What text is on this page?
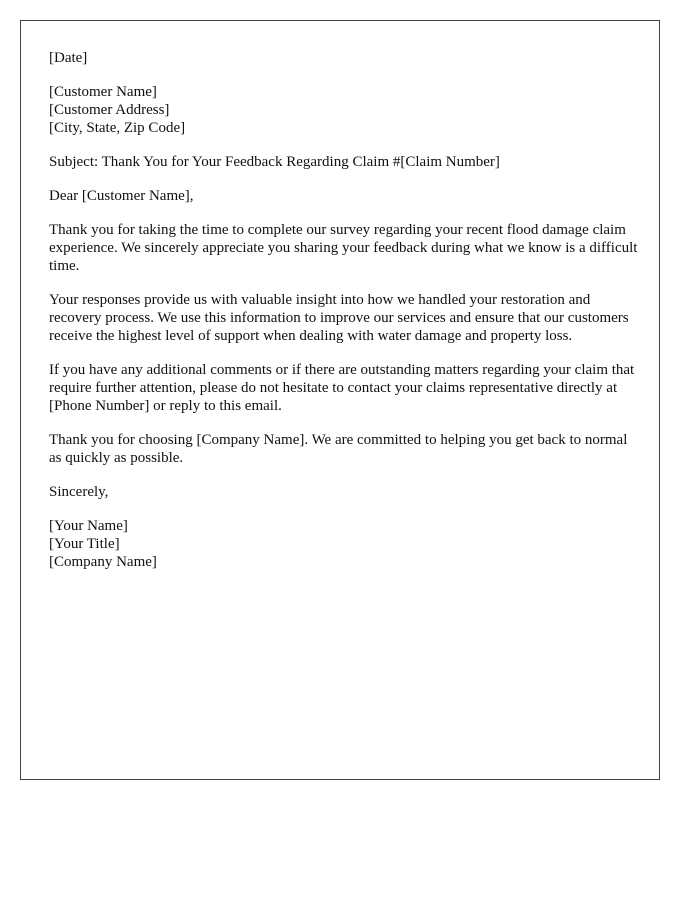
[Date]
[Customer Name]
[Customer Address]
[City, State, Zip Code]

Subject: Thank You for Your Feedback Regarding Claim #[Claim Number]

Dear [Customer Name],

Thank you for taking the time to complete our survey regarding your recent flood damage claim experience. We sincerely appreciate you sharing your feedback during what we know is a difficult time.

Your responses provide us with valuable insight into how we handled your restoration and recovery process. We use this information to improve our services and ensure that our customers receive the highest level of support when dealing with water damage and property loss.

If you have any additional comments or if there are outstanding matters regarding your claim that require further attention, please do not hesitate to contact your claims representative directly at [Phone Number] or reply to this email.

Thank you for choosing [Company Name]. We are committed to helping you get back to normal as quickly as possible.

Sincerely,

[Your Name]
[Your Title]
[Company Name]
